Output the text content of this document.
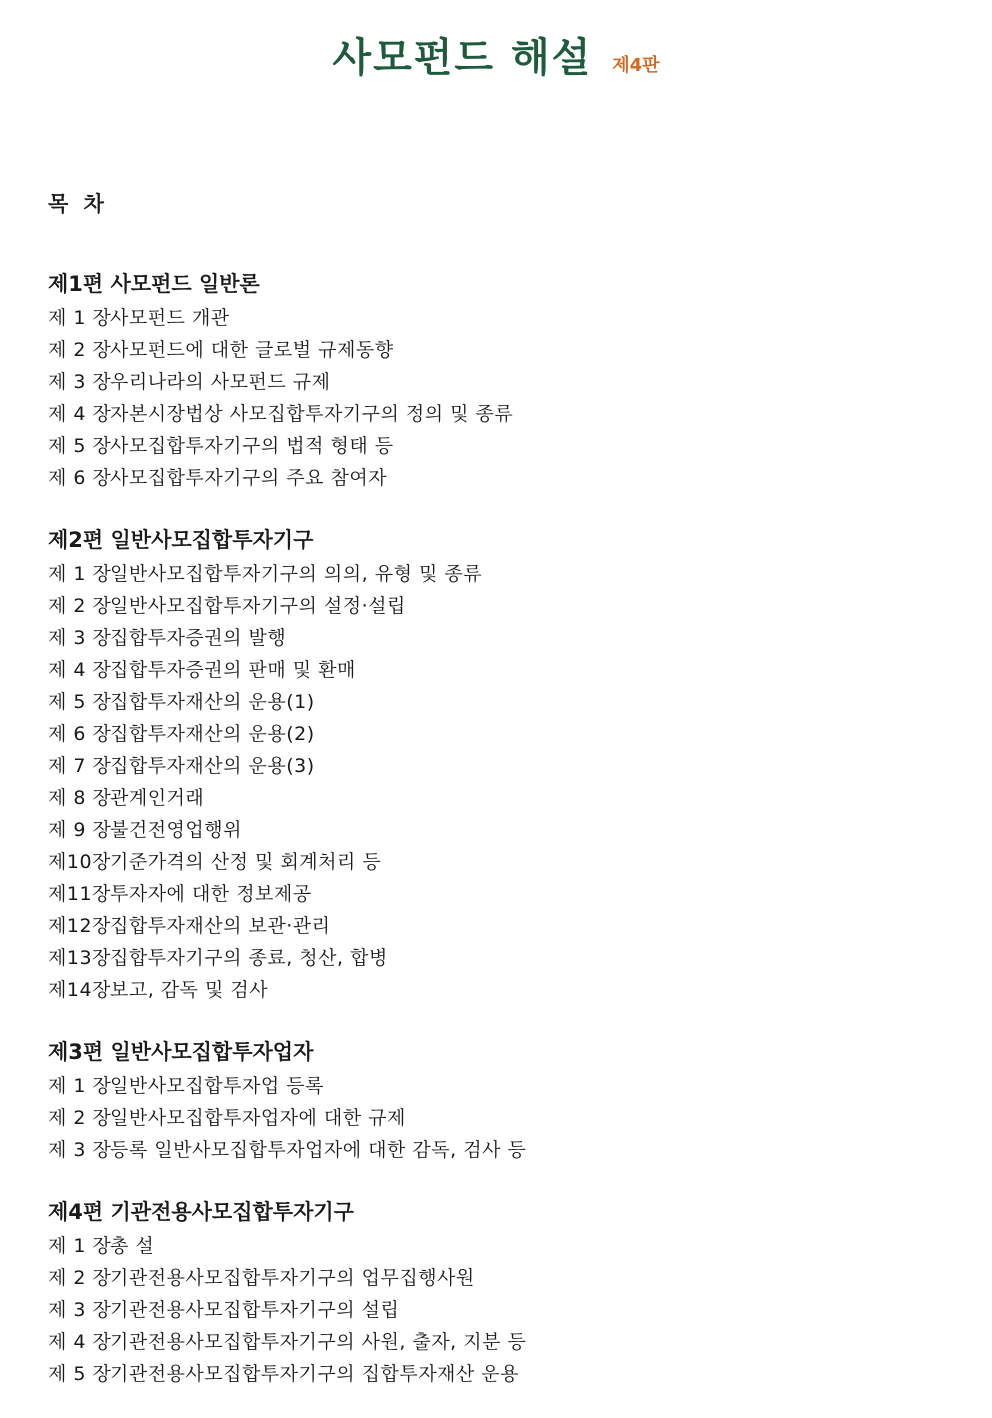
사모펀드 해설 제4판
목 차
제1편 사모펀드 일반론
제 1 장사모펀드 개관
제 2 장사모펀드에 대한 글로벌 규제동향
제 3 장우리나라의 사모펀드 규제
제 4 장자본시장법상 사모집합투자기구의 정의 및 종류
제 5 장사모집합투자기구의 법적 형태 등
제 6 장사모집합투자기구의 주요 참여자
제2편 일반사모집합투자기구
제 1 장일반사모집합투자기구의 의의, 유형 및 종류
제 2 장일반사모집합투자기구의 설정·설립
제 3 장집합투자증권의 발행
제 4 장집합투자증권의 판매 및 환매
제 5 장집합투자재산의 운용(1)
제 6 장집합투자재산의 운용(2)
제 7 장집합투자재산의 운용(3)
제 8 장관계인거래
제 9 장불건전영업행위
제10장기준가격의 산정 및 회계처리 등
제11장투자자에 대한 정보제공
제12장집합투자재산의 보관·관리
제13장집합투자기구의 종료, 청산, 합병
제14장보고, 감독 및 검사
제3편 일반사모집합투자업자
제 1 장일반사모집합투자업 등록
제 2 장일반사모집합투자업자에 대한 규제
제 3 장등록 일반사모집합투자업자에 대한 감독, 검사 등
제4편 기관전용사모집합투자기구
제 1 장총 설
제 2 장기관전용사모집합투자기구의 업무집행사원
제 3 장기관전용사모집합투자기구의 설립
제 4 장기관전용사모집합투자기구의 사원, 출자, 지분 등
제 5 장기관전용사모집합투자기구의 집합투자재산 운용
